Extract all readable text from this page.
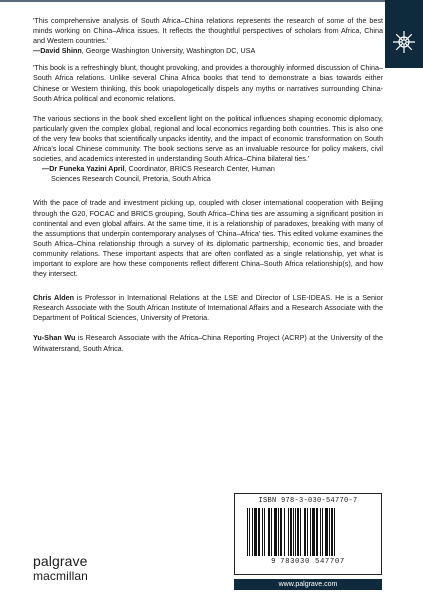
'This comprehensive analysis of South Africa–China relations represents the research of some of the best minds working on China–Africa issues. It reflects the thoughtful perspectives of scholars from Africa, China and Western countries.'

—David Shinn, George Washington University, Washington DC, USA

'This book is a refreshingly blunt, thought provoking, and provides a thoroughly informed discussion of China–South Africa relations. Unlike several China Africa books that tend to demonstrate a bias towards either Chinese or Western thinking, this book unapologetically dispels any myths or narratives surrounding China-South Africa political and economic relations.

The various sections in the book shed excellent light on the political influences shaping economic diplomacy, particularly given the complex global, regional and local economics regarding both countries. This is also one of the very few books that scientifically unpacks identity, and the impact of economic transformation on South Africa's local Chinese community. The book sections serve as an invaluable resource for policy makers, civil societies, and academics interested in understanding South Africa–China bilateral ties.'

—Dr Funeka Yazini April, Coordinator, BRICS Research Center, Human

Sciences Research Council, Pretoria, South Africa

With the pace of trade and investment picking up, coupled with closer international cooperation with Beijing through the G20, FOCAC and BRICS grouping, South Africa–China ties are assuming a significant position in continental and even global affairs. At the same time, it is a relationship of paradoxes, breaking with many of the assumptions that underpin contemporary analyses of 'China–Africa' ties. This edited volume examines the South Africa–China relationship through a survey of its diplomatic partnership, economic ties, and broader community relations. These important aspects that are often conflated as a single relationship, yet what is important to explore are how these components reflect different China–South Africa relationship(s), and how they intersect.

Chris Alden is Professor in International Relations at the LSE and Director of LSE-IDEAS. He is a Senior Research Associate with the South African Institute of International Affairs and a Research Associate with the Department of Political Sciences, University of Pretoria.

Yu-Shan Wu is Research Associate with the Africa–China Reporting Project (ACRP) at the University of the Witwatersrand, South Africa.

palgrave
macmillan
ISBN 978-3-030-54770-7
9 783030 547707
www.palgrave.com
